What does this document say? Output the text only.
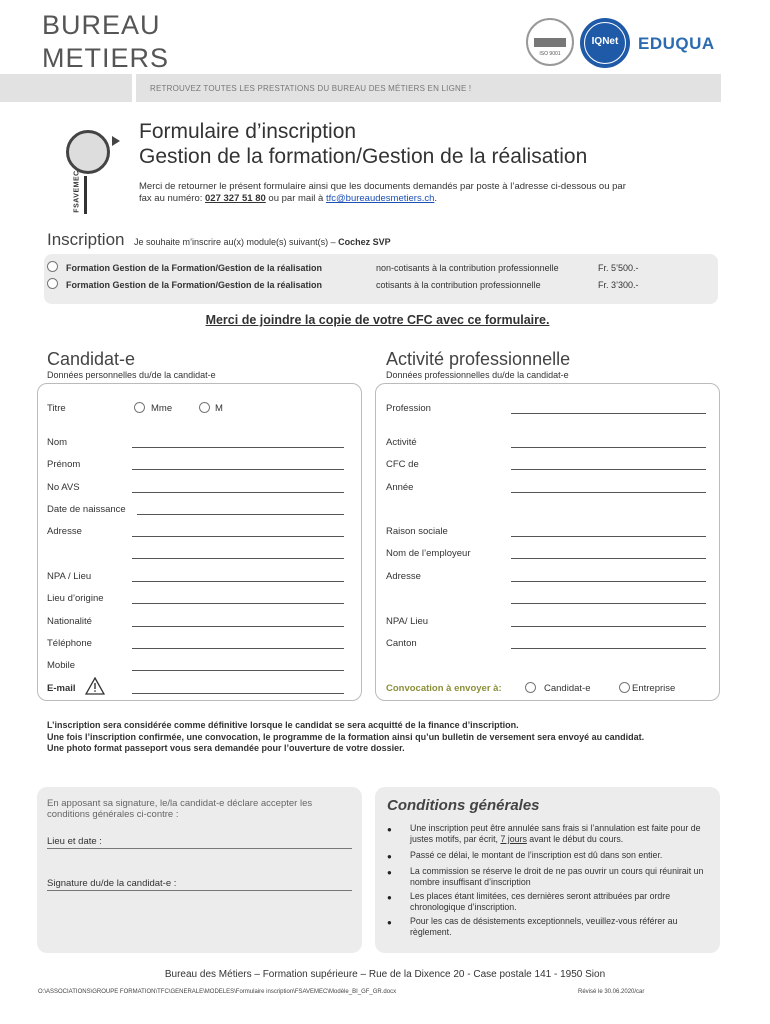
BUREAU
METIERS	ISO 9001
IQNet	EDUQUA
RETROUVEZ TOUTES LES PRESTATIONS DU BUREAU DES MÉTIERS EN LIGNE !
FSAVEMEC
Formulaire d’inscription
Gestion de la formation/Gestion de la réalisation
Merci de retourner le présent formulaire ainsi que les documents demandés par poste à l’adresse ci-dessous ou par
fax au numéro: 027 327 51 80 ou par mail à tfc@bureaudesmetiers.ch.
Inscription Je souhaite m’inscrire au(x) module(s) suivant(s) – Cochez SVP
Formation Gestion de la Formation/Gestion de la réalisation	non-cotisants à la contribution professionnelle	Fr. 5’500.-
Formation Gestion de la Formation/Gestion de la réalisation	cotisants à la contribution professionnelle	Fr. 3’300.-
Merci de joindre la copie de votre CFC avec ce formulaire.
Candidat-e
Données personnelles du/de la candidat-e
Titre	Mme	M
Nom
Prénom
No AVS
Date de naissance
Adresse
NPA / Lieu
Lieu d’origine
Nationalité
Téléphone
Mobile
E-mail
Activité professionnelle
Données professionnelles du/de la candidat-e
Profession
Activité
CFC de
Année
Raison sociale
Nom de l’employeur
Adresse
NPA/ Lieu
Canton
Convocation à envoyer à:	Candidat-e	Entreprise
L’inscription sera considérée comme définitive lorsque le candidat se sera acquitté de la finance d’inscription.
Une fois l’inscription confirmée, une convocation, le programme de la formation ainsi qu’un bulletin de versement sera envoyé au candidat.
Une photo format passeport vous sera demandée pour l’ouverture de votre dossier.
En apposant sa signature, le/la candidat-e déclare accepter les conditions générales ci-contre :
Lieu et date :
Signature du/de la candidat-e :
Conditions générales
● Une inscription peut être annulée sans frais si l’annulation est faite pour de justes motifs, par écrit, 7 jours avant le début du cours.
● Passé ce délai, le montant de l’inscription est dû dans son entier.
● La commission se réserve le droit de ne pas ouvrir un cours qui réunirait un nombre insuffisant d’inscription
● Les places étant limitées, ces dernières seront attribuées par ordre chronologique d’inscription.
● Pour les cas de désistements exceptionnels, veuillez-vous référer au règlement.
Bureau des Métiers – Formation supérieure – Rue de la Dixence 20 - Case postale 141 - 1950 Sion
O:\ASSOCIATIONS\GROUPE FORMATION\TFC\GENERALE\MODELES\Formulaire inscription\FSAVEMEC\Modèle_BI_GF_GR.docx	Révisé le 30.06.2020/car
